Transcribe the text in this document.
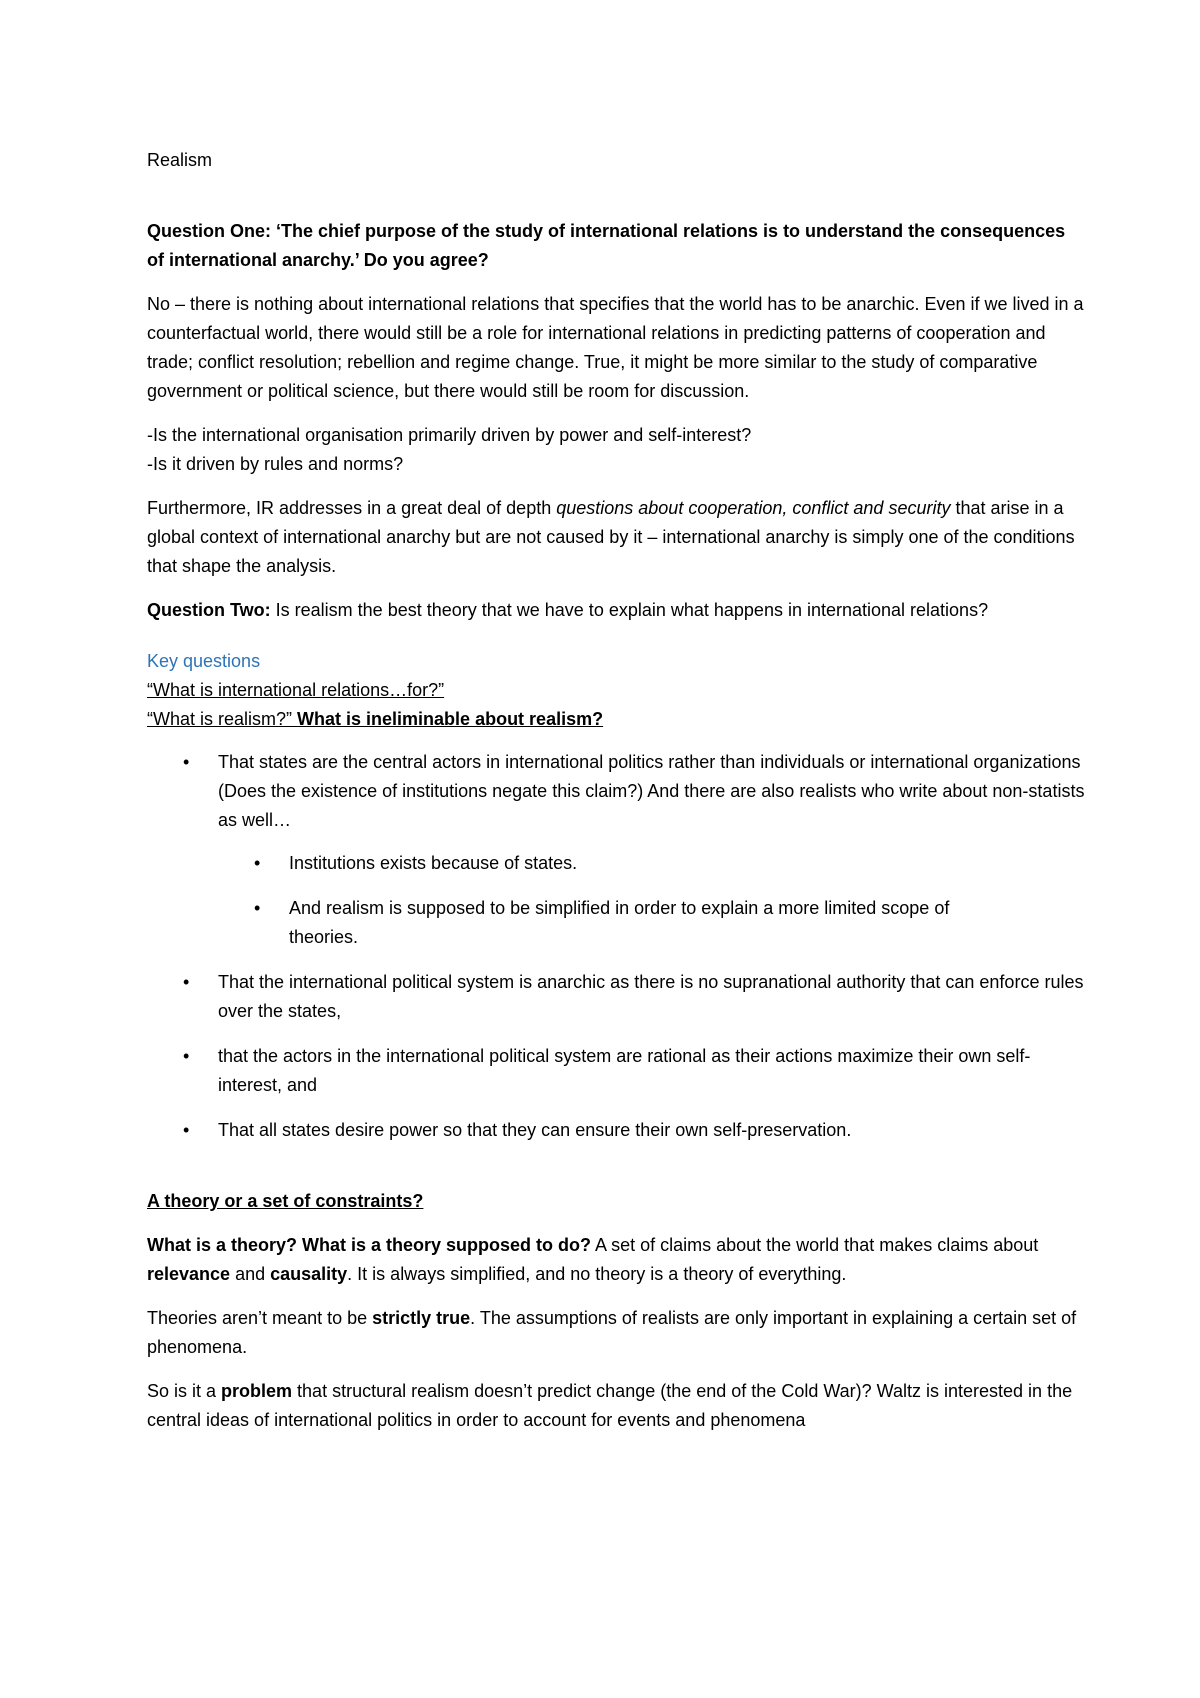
Realism

Question One: ‘The chief purpose of the study of international relations is to understand the consequences of international anarchy.’ Do you agree?

No – there is nothing about international relations that specifies that the world has to be anarchic. Even if we lived in a counterfactual world, there would still be a role for international relations in predicting patterns of cooperation and trade; conflict resolution; rebellion and regime change. True, it might be more similar to the study of comparative government or political science, but there would still be room for discussion.

-Is the international organisation primarily driven by power and self-interest?

-Is it driven by rules and norms?

Furthermore, IR addresses in a great deal of depth questions about cooperation, conflict and security that arise in a global context of international anarchy but are not caused by it – international anarchy is simply one of the conditions that shape the analysis.

Question Two: Is realism the best theory that we have to explain what happens in international relations?

Key questions

“What is international relations…for?”

“What is realism?” What is ineliminable about realism?

• That states are the central actors in international politics rather than individuals or international organizations (Does the existence of institutions negate this claim?) And there are also realists who write about non-statists as well…
• Institutions exists because of states.
• And realism is supposed to be simplified in order to explain a more limited scope of theories.
• That the international political system is anarchic as there is no supranational authority that can enforce rules over the states,
• that the actors in the international political system are rational as their actions maximize their own self-interest, and
• That all states desire power so that they can ensure their own self-preservation.

A theory or a set of constraints?

What is a theory? What is a theory supposed to do? A set of claims about the world that makes claims about relevance and causality. It is always simplified, and no theory is a theory of everything.

Theories aren’t meant to be strictly true. The assumptions of realists are only important in explaining a certain set of phenomena.

So is it a problem that structural realism doesn’t predict change (the end of the Cold War)? Waltz is interested in the central ideas of international politics in order to account for events and phenomena
